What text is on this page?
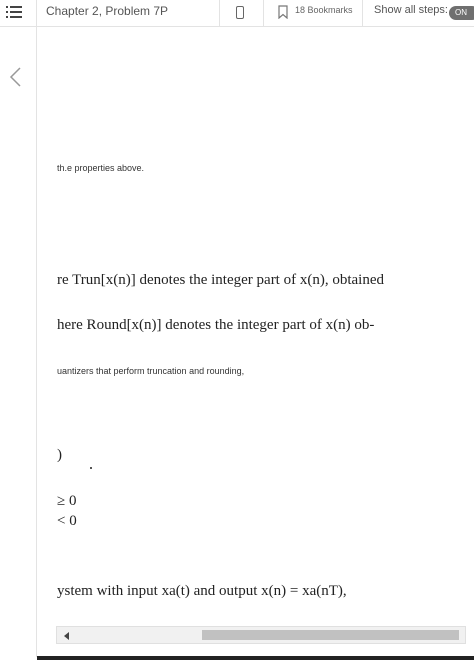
Chapter 2, Problem 7P	18 Bookmarks Show all steps: ON
th.e properties above.
re Trun[x(n)] denotes the integer part of x(n), obtained
here Round[x(n)] denotes the integer part of x(n) ob-
uantizers that perform truncation and rounding,
)
≥ 0
< 0
ystem with input xa(t) and output x(n) = xa(nT),
